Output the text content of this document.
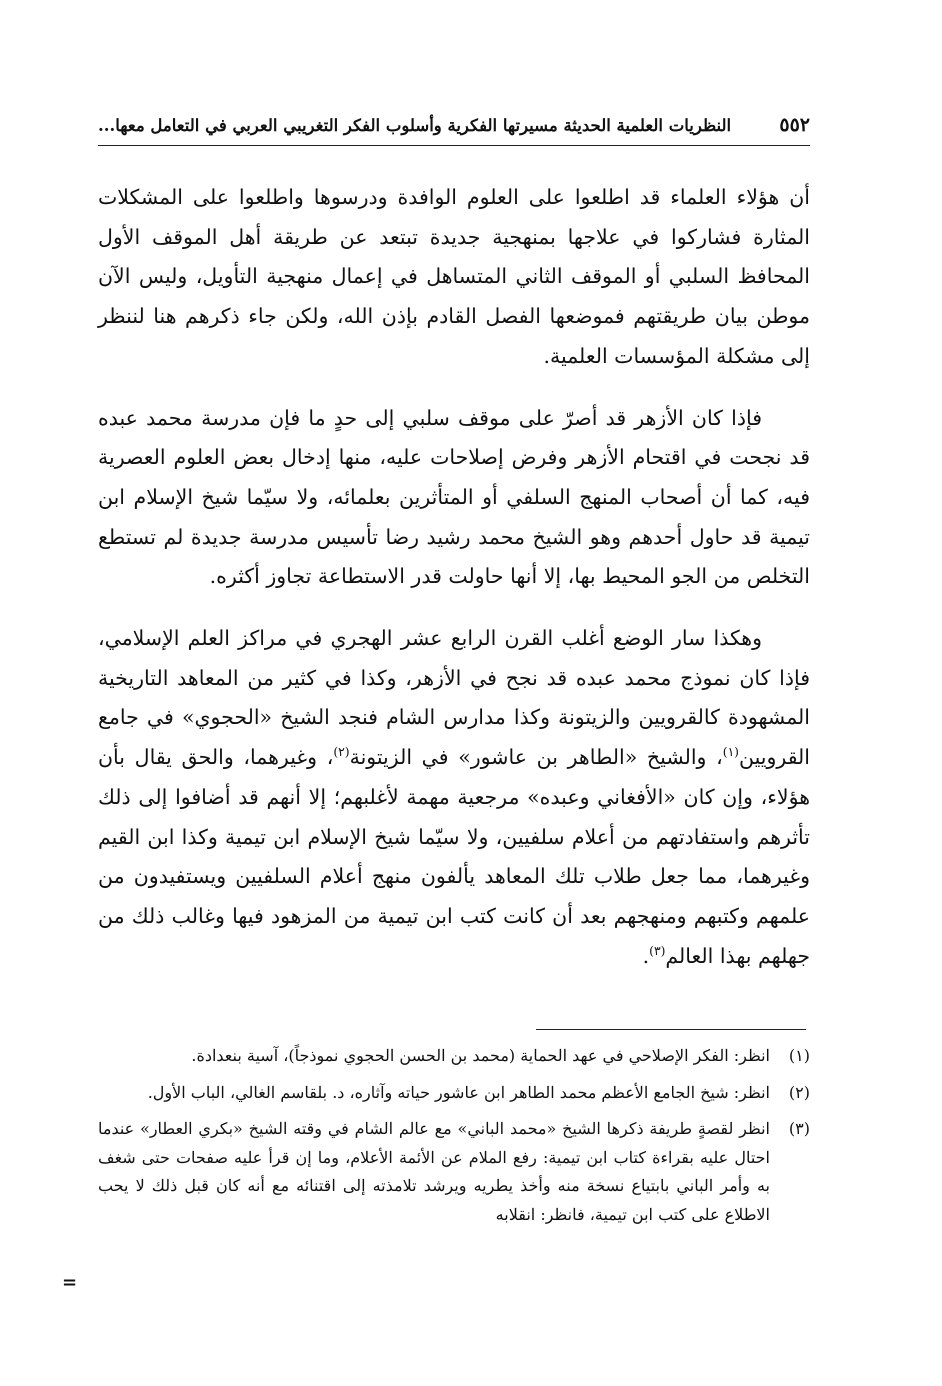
٥٥٢
النظريات العلمية الحديثة مسيرتها الفكرية وأسلوب الفكر التغريبي العربي في التعامل معها...

أن هؤلاء العلماء قد اطلعوا على العلوم الوافدة ودرسوها واطلعوا على المشكلات المثارة فشاركوا في علاجها بمنهجية جديدة تبتعد عن طريقة أهل الموقف الأول المحافظ السلبي أو الموقف الثاني المتساهل في إعمال منهجية التأويل، وليس الآن موطن بيان طريقتهم فموضعها الفصل القادم بإذن الله، ولكن جاء ذكرهم هنا لننظر إلى مشكلة المؤسسات العلمية.

فإذا كان الأزهر قد أصرّ على موقف سلبي إلى حدٍ ما فإن مدرسة محمد عبده قد نجحت في اقتحام الأزهر وفرض إصلاحات عليه، منها إدخال بعض العلوم العصرية فيه، كما أن أصحاب المنهج السلفي أو المتأثرين بعلمائه، ولا سيّما شيخ الإسلام ابن تيمية قد حاول أحدهم وهو الشيخ محمد رشيد رضا تأسيس مدرسة جديدة لم تستطع التخلص من الجو المحيط بها، إلا أنها حاولت قدر الاستطاعة تجاوز أكثره.

وهكذا سار الوضع أغلب القرن الرابع عشر الهجري في مراكز العلم الإسلامي، فإذا كان نموذج محمد عبده قد نجح في الأزهر، وكذا في كثير من المعاهد التاريخية المشهودة كالقرويين والزيتونة وكذا مدارس الشام فنجد الشيخ «الحجوي» في جامع القرويين$^{(١)}$، والشيخ «الطاهر بن عاشور» في الزيتونة$^{(٢)}$، وغيرهما، والحق يقال بأن هؤلاء، وإن كان «الأفغاني وعبده» مرجعية مهمة لأغلبهم؛ إلا أنهم قد أضافوا إلى ذلك تأثرهم واستفادتهم من أعلام سلفيين، ولا سيّما شيخ الإسلام ابن تيمية وكذا ابن القيم وغيرهما، مما جعل طلاب تلك المعاهد يألفون منهج أعلام السلفيين ويستفيدون من علمهم وكتبهم ومنهجهم بعد أن كانت كتب ابن تيمية من المزهود فيها وغالب ذلك من جهلهم بهذا العالم$^{(٣)}$.

(١)
انظر: الفكر الإصلاحي في عهد الحماية (محمد بن الحسن الحجوي نموذجاً)، آسية بنعدادة.
(٢)
انظر: شيخ الجامع الأعظم محمد الطاهر ابن عاشور حياته وآثاره، د. بلقاسم الغالي، الباب الأول.
(٣)
انظر لقصةٍ طريفة ذكرها الشيخ «محمد الباني» مع عالم الشام في وقته الشيخ «بكري العطار» عندما احتال عليه بقراءة كتاب ابن تيمية: رفع الملام عن الأئمة الأعلام، وما إن قرأ عليه صفحات حتى شغف به وأمر الباني بابتياع نسخة منه وأخذ يطريه ويرشد تلامذته إلى اقتنائه مع أنه كان قبل ذلك لا يحب الاطلاع على كتب ابن تيمية، فانظر: انقلابه
=
